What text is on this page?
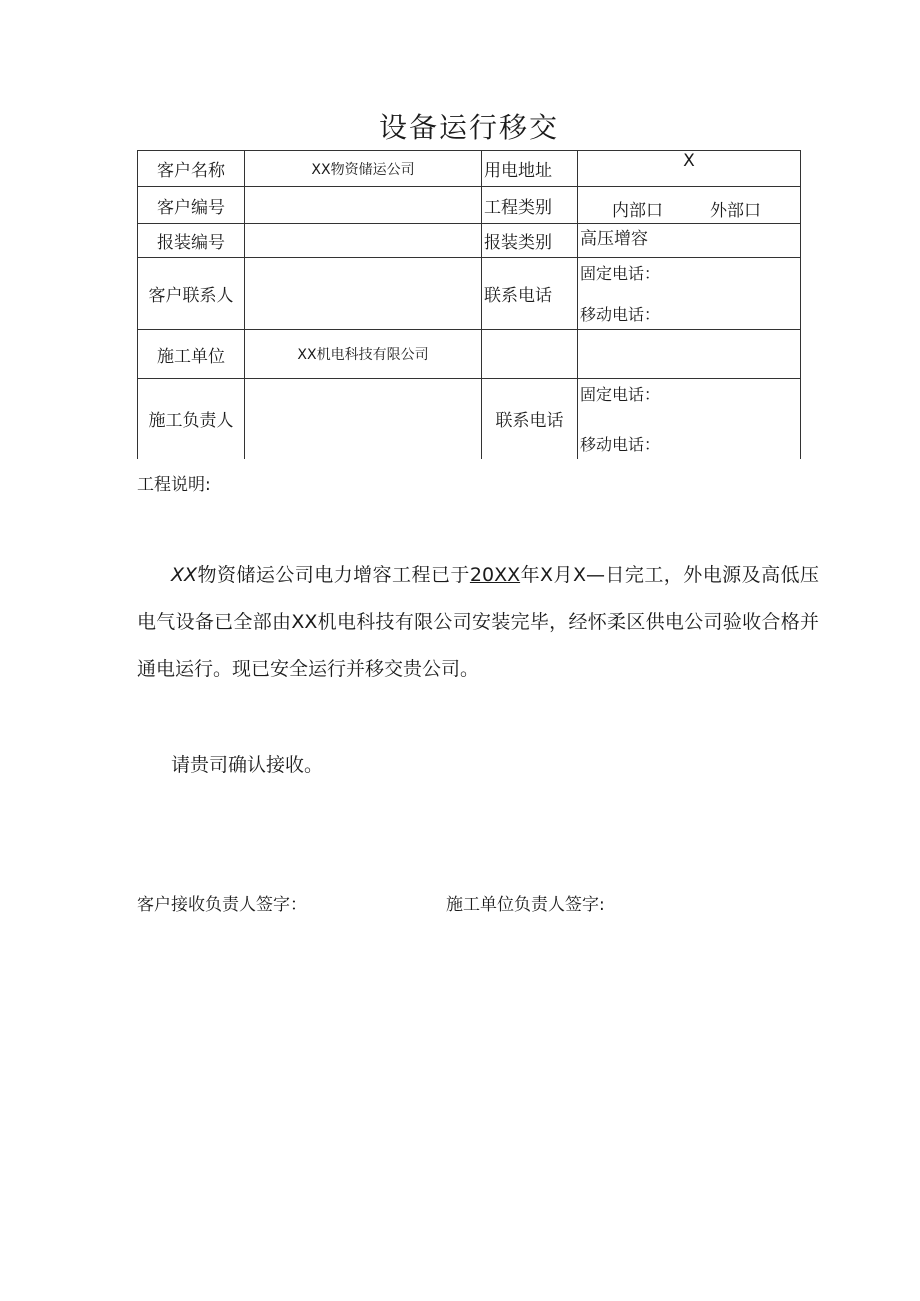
设备运行移交
客户名称	XX物资储运公司	用电地址	X
客户编号		工程类别	内部口 外部口

报装编号		报装类别	高压增容
客户联系人		联系电话	固定电话：
移动电话：

施工单位	XX机电科技有限公司		
施工负责人		联系电话	固定电话：
移动电话：
工程说明:
XX物资储运公司电力增容工程已于20XX年X月X—日完工，外电源及高低压电气设备已全部由XX机电科技有限公司安装完毕，经怀柔区供电公司验收合格并通电运行。现已安全运行并移交贵公司。
请贵司确认接收。
客户接收负责人签字：	施工单位负责人签字:
